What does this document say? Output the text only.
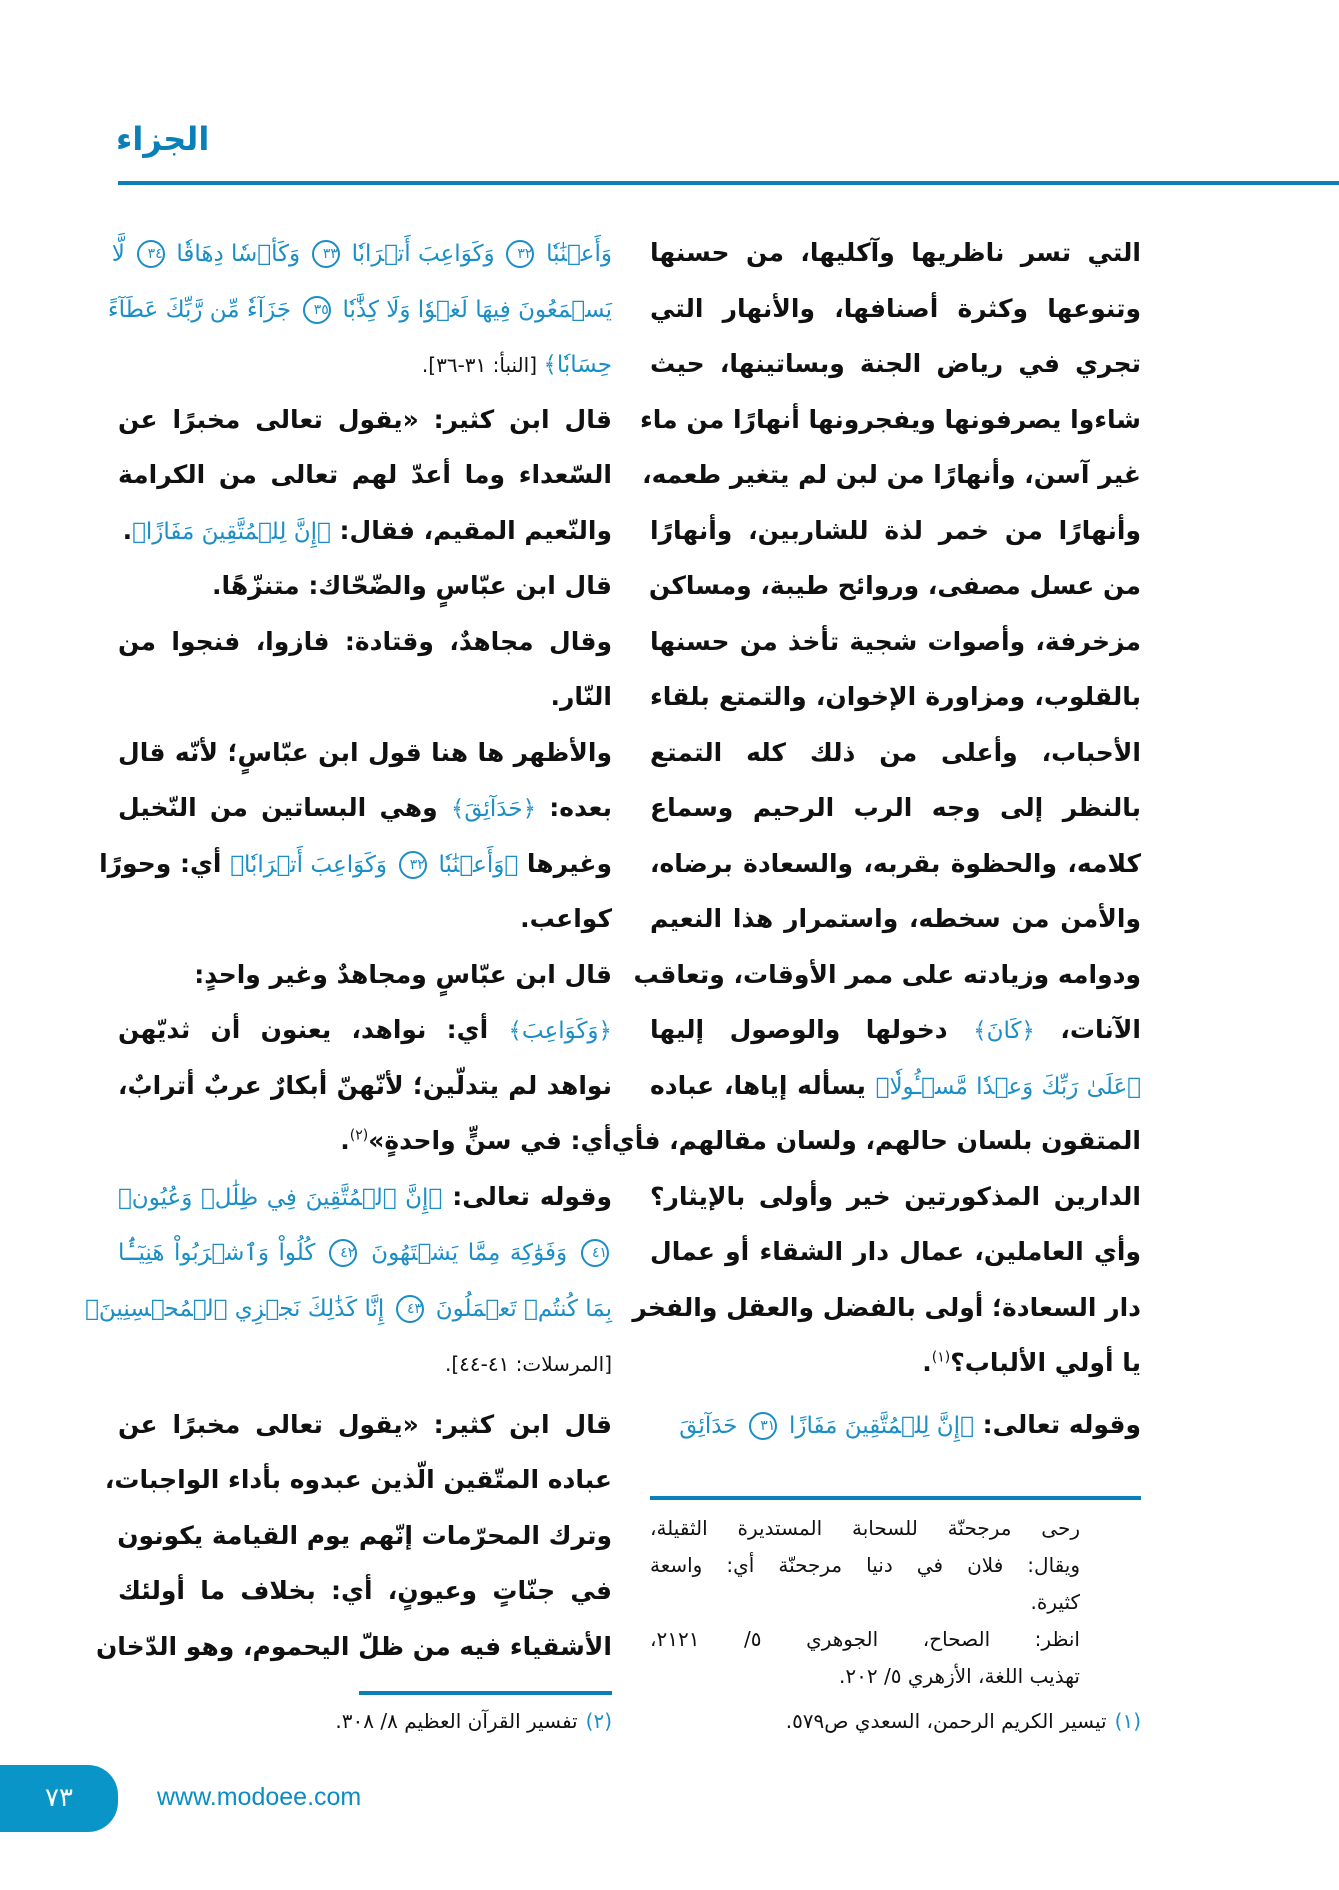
الجزاء
التي تسر ناظريها وآكليها، من حسنها
وتنوعها وكثرة أصنافها، والأنهار التي
تجري في رياض الجنة وبساتينها، حيث
شاءوا يصرفونها ويفجرونها أنهارًا من ماء
غير آسن، وأنهارًا من لبن لم يتغير طعمه،
وأنهارًا من خمر لذة للشاربين، وأنهارًا
من عسل مصفى، وروائح طيبة، ومساكن
مزخرفة، وأصوات شجية تأخذ من حسنها
بالقلوب، ومزاورة الإخوان، والتمتع بلقاء
الأحباب، وأعلى من ذلك كله التمتع
بالنظر إلى وجه الرب الرحيم وسماع
كلامه، والحظوة بقربه، والسعادة برضاه،
والأمن من سخطه، واستمرار هذا النعيم
ودوامه وزيادته على ممر الأوقات، وتعاقب
الآنات، ﴿كَانَ﴾ دخولها والوصول إليها
﴿عَلَىٰ رَبِّكَ وَعۡدٗا مَّسۡـُٔولٗا﴾ يسأله إياها، عباده
المتقون بلسان حالهم، ولسان مقالهم، فأي
الدارين المذكورتين خير وأولى بالإيثار؟
وأي العاملين، عمال دار الشقاء أو عمال
دار السعادة؛ أولى بالفضل والعقل والفخر
يا أولي الألباب؟$^{(١)}$.
وقوله تعالى: ﴿إِنَّ لِلۡمُتَّقِينَ مَفَازًا ٣١ حَدَآئِقَ
وَأَعۡنَٰبٗا ٣٢ وَكَوَاعِبَ أَتۡرَابٗا ٣٣ وَكَأۡسٗا دِهَاقٗا ٣٤ لَّا
يَسۡمَعُونَ فِيهَا لَغۡوٗا وَلَا كِذَّٰبٗا ٣٥ جَزَآءٗ مِّن رَّبِّكَ عَطَآءً
حِسَابٗا﴾ [النبأ: ٣١-٣٦].
قال ابن كثير: «يقول تعالى مخبرًا عن
السّعداء وما أعدّ لهم تعالى من الكرامة
والنّعيم المقيم، فقال: ﴿إِنَّ لِلۡمُتَّقِينَ مَفَازًا﴾.
قال ابن عبّاسٍ والضّحّاك: متنزّهًا.
وقال مجاهدٌ، وقتادة: فازوا، فنجوا من
النّار.
والأظهر ها هنا قول ابن عبّاسٍ؛ لأنّه قال
بعده: ﴿حَدَآئِقَ﴾ وهي البساتين من النّخيل
وغيرها ﴿وَأَعۡنَٰبٗا ٣٢ وَكَوَاعِبَ أَتۡرَابٗا﴾ أي: وحورًا
كواعب.
قال ابن عبّاسٍ ومجاهدٌ وغير واحدٍ:
﴿وَكَوَاعِبَ﴾ أي: نواهد، يعنون أن ثديّهن
نواهد لم يتدلّين؛ لأنّهنّ أبكارٌ عربٌ أترابٌ،
أي: في سنٍّ واحدةٍ»$^{(٢)}$.
وقوله تعالى: ﴿إِنَّ ٱلۡمُتَّقِينَ فِي ظِلَٰلٖ وَعُيُونٖ
٤١ وَفَوَٰكِهَ مِمَّا يَشۡتَهُونَ ٤٢ كُلُواْ وَٱشۡرَبُواْ هَنِيٓـَٔۢا
بِمَا كُنتُمۡ تَعۡمَلُونَ ٤٣ إِنَّا كَذَٰلِكَ نَجۡزِي ٱلۡمُحۡسِنِينَ﴾
[المرسلات: ٤١-٤٤].
قال ابن كثير: «يقول تعالى مخبرًا عن
عباده المتّقين الّذين عبدوه بأداء الواجبات،
وترك المحرّمات إنّهم يوم القيامة يكونون
في جنّاتٍ وعيونٍ، أي: بخلاف ما أولئك
الأشقياء فيه من ظلّ اليحموم، وهو الدّخان
رحى مرجحنّة للسحابة المستديرة الثقيلة،
ويقال: فلان في دنيا مرجحنّة أي: واسعة
كثيرة.
انظر: الصحاح، الجوهري ٥/ ٢١٢١،
تهذيب اللغة، الأزهري ٥/ ٢٠٢.
(١)تيسير الكريم الرحمن، السعدي ص٥٧٩.
(٢)تفسير القرآن العظيم ٨/ ٣٠٨.
٧٣	www.modoee.com
